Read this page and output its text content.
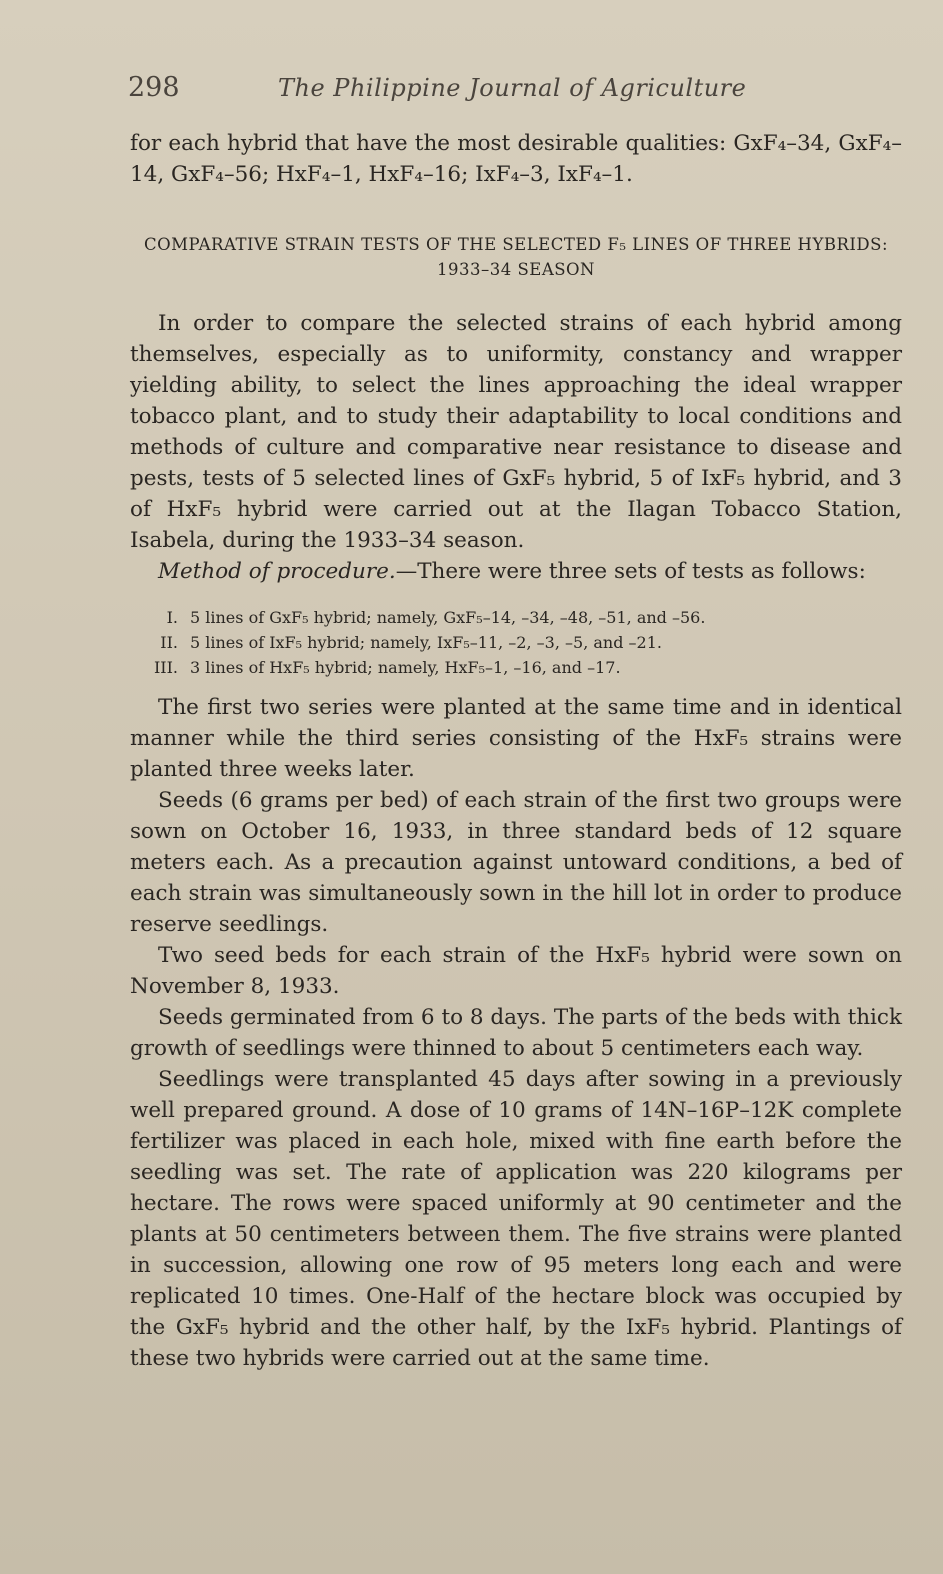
298	The Philippine Journal of Agriculture

for each hybrid that have the most desirable qualities: GxF₄–34, GxF₄–14, GxF₄–56; HxF₄–1, HxF₄–16; IxF₄–3, IxF₄–1.

COMPARATIVE STRAIN TESTS OF THE SELECTED F₅ LINES OF THREE HYBRIDS: 1933–34 SEASON

In order to compare the selected strains of each hybrid among themselves, especially as to uniformity, constancy and wrapper yielding ability, to select the lines approaching the ideal wrapper tobacco plant, and to study their adaptability to local conditions and methods of culture and comparative near resistance to disease and pests, tests of 5 selected lines of GxF₅ hybrid, 5 of IxF₅ hybrid, and 3 of HxF₅ hybrid were carried out at the Ilagan Tobacco Station, Isabela, during the 1933–34 season.

Method of procedure.—There were three sets of tests as follows:

I. 5 lines of GxF₅ hybrid; namely, GxF₅–14, –34, –48, –51, and –56.
II. 5 lines of IxF₅ hybrid; namely, IxF₅–11, –2, –3, –5, and –21.
III. 3 lines of HxF₅ hybrid; namely, HxF₅–1, –16, and –17.

The first two series were planted at the same time and in identical manner while the third series consisting of the HxF₅ strains were planted three weeks later.

Seeds (6 grams per bed) of each strain of the first two groups were sown on October 16, 1933, in three standard beds of 12 square meters each. As a precaution against untoward conditions, a bed of each strain was simultaneously sown in the hill lot in order to produce reserve seedlings.

Two seed beds for each strain of the HxF₅ hybrid were sown on November 8, 1933.

Seeds germinated from 6 to 8 days. The parts of the beds with thick growth of seedlings were thinned to about 5 centimeters each way.

Seedlings were transplanted 45 days after sowing in a previously well prepared ground. A dose of 10 grams of 14N–16P–12K complete fertilizer was placed in each hole, mixed with fine earth before the seedling was set. The rate of application was 220 kilograms per hectare. The rows were spaced uniformly at 90 centimeter and the plants at 50 centimeters between them. The five strains were planted in succession, allowing one row of 95 meters long each and were replicated 10 times. One-Half of the hectare block was occupied by the GxF₅ hybrid and the other half, by the IxF₅ hybrid. Plantings of these two hybrids were carried out at the same time.
